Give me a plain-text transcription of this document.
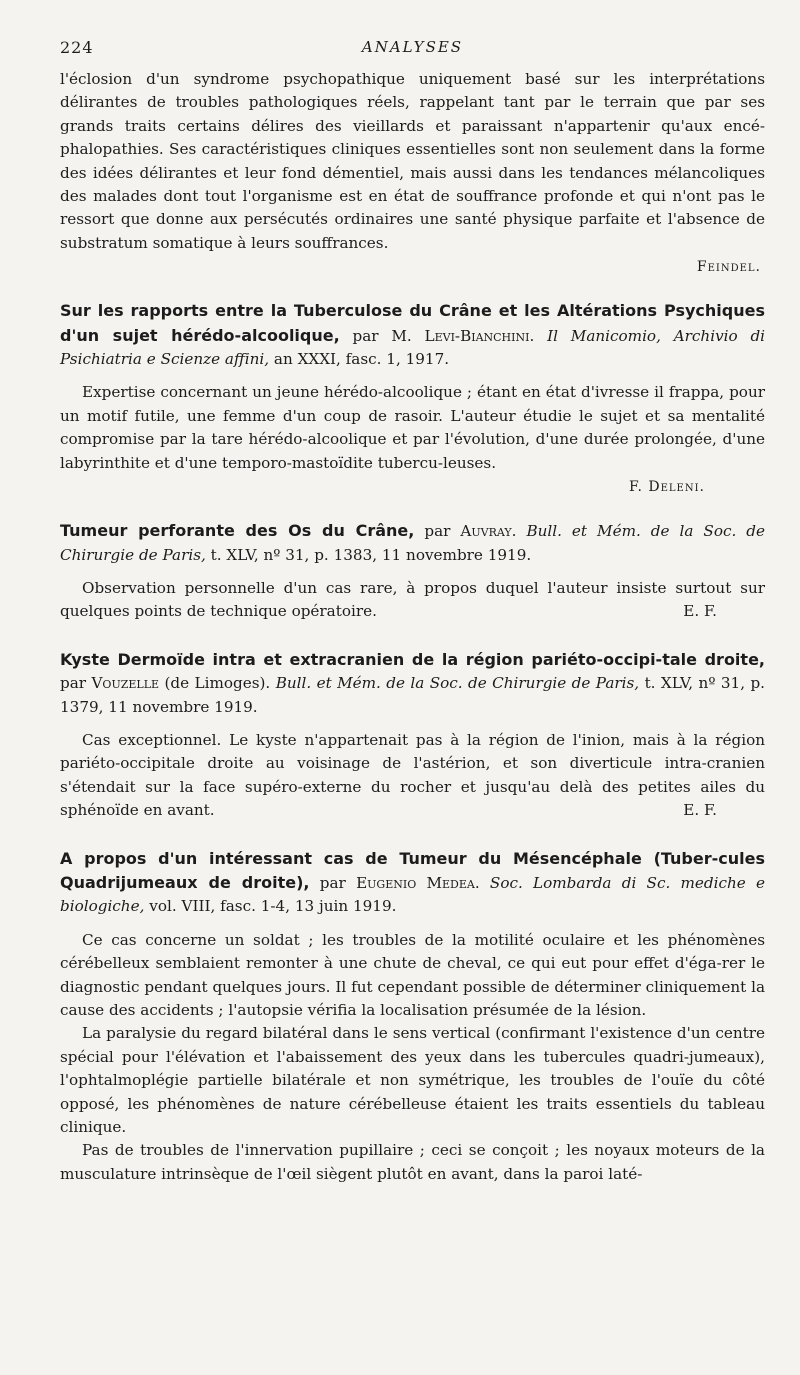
224	ANALYSES

l'éclosion d'un syndrome psychopathique uniquement basé sur les interprétations délirantes de troubles pathologiques réels, rappelant tant par le terrain que par ses grands traits certains délires des vieillards et paraissant n'appartenir qu'aux encé-phalopathies. Ses caractéristiques cliniques essentielles sont non seulement dans la forme des idées délirantes et leur fond démentiel, mais aussi dans les tendances mélancoliques des malades dont tout l'organisme est en état de souffrance profonde et qui n'ont pas le ressort que donne aux persécutés ordinaires une santé physique parfaite et l'absence de substratum somatique à leurs souffrances.

Feindel.
Sur les rapports entre la Tuberculose du Crâne et les Altérations Psychiques d'un sujet hérédo-alcoolique, par M. Levi-Bianchini. Il Manicomio, Archivio di Psichiatria e Scienze affini, an XXXI, fasc. 1, 1917.

Expertise concernant un jeune hérédo-alcoolique ; étant en état d'ivresse il frappa, pour un motif futile, une femme d'un coup de rasoir. L'auteur étudie le sujet et sa mentalité compromise par la tare hérédo-alcoolique et par l'évolution, d'une durée prolongée, d'une labyrinthite et d'une temporo-mastoïdite tubercu-leuses.

F. Deleni.
Tumeur perforante des Os du Crâne, par Auvray. Bull. et Mém. de la Soc. de Chirurgie de Paris, t. XLV, nº 31, p. 1383, 11 novembre 1919.

Observation personnelle d'un cas rare, à propos duquel l'auteur insiste surtout sur quelques points de technique opératoire.	E. F.

Kyste Dermoïde intra et extracranien de la région pariéto-occipi-tale droite, par Vouzelle (de Limoges). Bull. et Mém. de la Soc. de Chirurgie de Paris, t. XLV, nº 31, p. 1379, 11 novembre 1919.

Cas exceptionnel. Le kyste n'appartenait pas à la région de l'inion, mais à la région pariéto-occipitale droite au voisinage de l'astérion, et son diverticule intra-cranien s'étendait sur la face supéro-externe du rocher et jusqu'au delà des petites ailes du sphénoïde en avant.	E. F.

A propos d'un intéressant cas de Tumeur du Mésencéphale (Tuber-cules Quadrijumeaux de droite), par Eugenio Medea. Soc. Lombarda di Sc. mediche e biologiche, vol. VIII, fasc. 1-4, 13 juin 1919.

Ce cas concerne un soldat ; les troubles de la motilité oculaire et les phénomènes cérébelleux semblaient remonter à une chute de cheval, ce qui eut pour effet d'éga-rer le diagnostic pendant quelques jours. Il fut cependant possible de déterminer cliniquement la cause des accidents ; l'autopsie vérifia la localisation présumée de la lésion.

La paralysie du regard bilatéral dans le sens vertical (confirmant l'existence d'un centre spécial pour l'élévation et l'abaissement des yeux dans les tubercules quadri-jumeaux), l'ophtalmoplégie partielle bilatérale et non symétrique, les troubles de l'ouïe du côté opposé, les phénomènes de nature cérébelleuse étaient les traits essentiels du tableau clinique.

Pas de troubles de l'innervation pupillaire ; ceci se conçoit ; les noyaux moteurs de la musculature intrinsèque de l'œil siègent plutôt en avant, dans la paroi laté-
